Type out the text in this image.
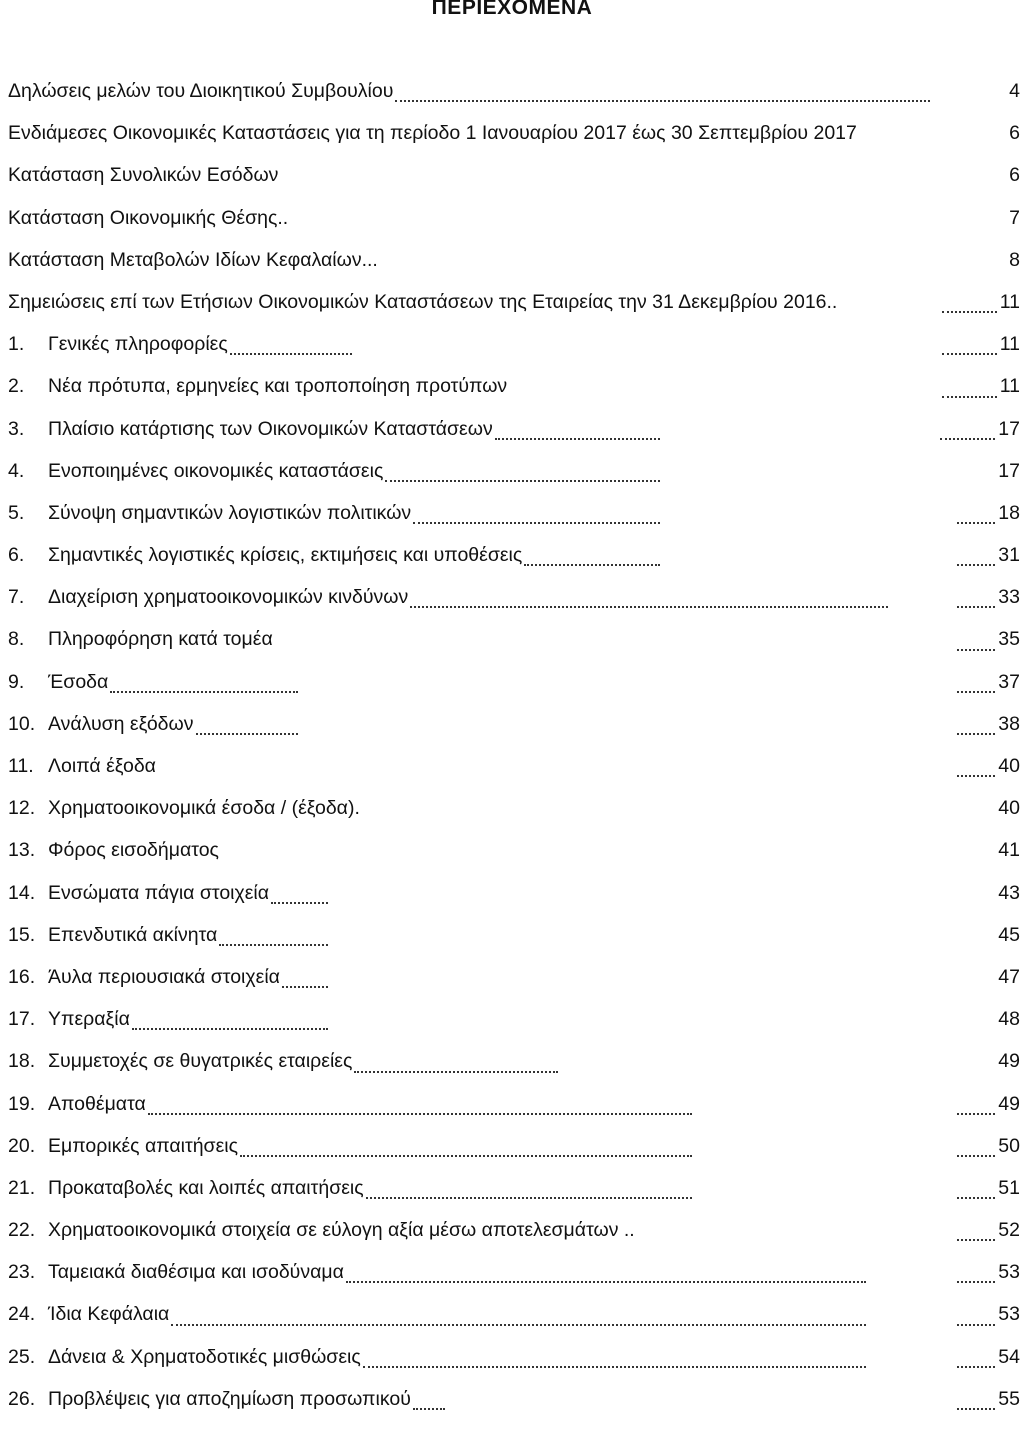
ΠΕΡΙΕΧΟΜΕΝΑ
Δηλώσεις μελών του Διοικητικού Συμβουλίου	4
Ενδιάμεσες Οικονομικές Καταστάσεις για τη περίοδο 1 Ιανουαρίου 2017 έως 30 Σεπτεμβρίου 2017	6
Κατάσταση Συνολικών Εσόδων	6
Κατάσταση Οικονομικής Θέσης..	7
Κατάσταση Μεταβολών Ιδίων Κεφαλαίων...	8
Σημειώσεις επί των Ετήσιων Οικονομικών Καταστάσεων της Εταιρείας την 31 Δεκεμβρίου 2016..	11
1. Γενικές πληροφορίες	11
2. Νέα πρότυπα, ερμηνείες και τροποποίηση προτύπων	11
3. Πλαίσιο κατάρτισης των Οικονομικών Καταστάσεων	17
4. Ενοποιημένες οικονομικές καταστάσεις	17
5. Σύνοψη σημαντικών λογιστικών πολιτικών	18
6. Σημαντικές λογιστικές κρίσεις, εκτιμήσεις και υποθέσεις	31
7. Διαχείριση χρηματοοικονομικών κινδύνων	33
8. Πληροφόρηση κατά τομέα	35
9. Έσοδα	37
10. Ανάλυση εξόδων	38
11. Λοιπά έξοδα	40
12. Χρηματοοικονομικά έσοδα / (έξοδα).	40
13. Φόρος εισοδήματος	41
14. Ενσώματα πάγια στοιχεία	43
15. Επενδυτικά ακίνητα	45
16. Άυλα περιουσιακά στοιχεία	47
17. Υπεραξία	48
18. Συμμετοχές σε θυγατρικές εταιρείες	49
19. Αποθέματα	49
20. Εμπορικές απαιτήσεις	50
21. Προκαταβολές και λοιπές απαιτήσεις	51
22. Χρηματοοικονομικά στοιχεία σε εύλογη αξία μέσω αποτελεσμάτων ..	52
23. Ταμειακά διαθέσιμα και ισοδύναμα	53
24. Ίδια Κεφάλαια	53
25. Δάνεια & Χρηματοδοτικές μισθώσεις	54
26. Προβλέψεις για αποζημίωση προσωπικού	55
